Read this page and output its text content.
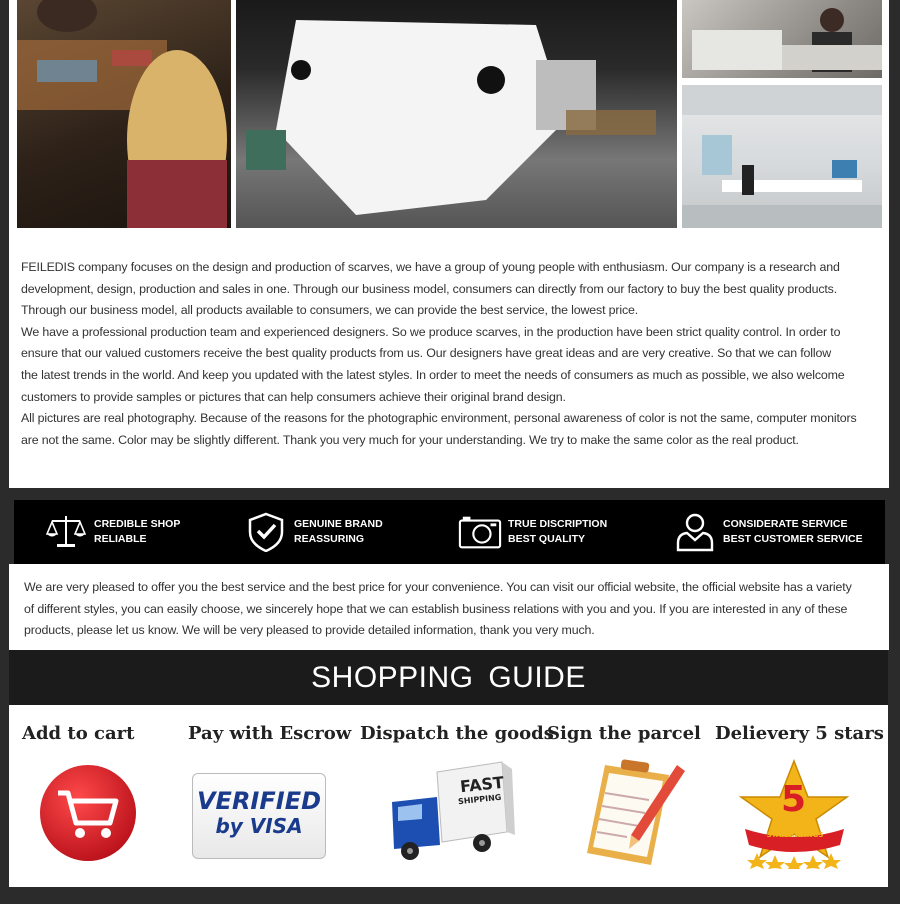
FEILEDIS company focuses on the design and production of scarves, we have a group of young people with enthusiasm. Our company is a research and

development, design, production and sales in one. Through our business model, consumers can directly from our factory to buy the best quality products.

Through our business model, all products available to consumers, we can provide the best service, the lowest price.

We have a professional production team and experienced designers. So we produce scarves, in the production have been strict quality control. In order to

ensure that our valued customers receive the best quality products from us. Our designers have great ideas and are very creative. So that we can follow

the latest trends in the world. And keep you updated with the latest styles. In order to meet the needs of consumers as much as possible, we also welcome

customers to provide samples or pictures that can help consumers achieve their original brand design.

All pictures are real photography. Because of the reasons for the photographic environment, personal awareness of color is not the same, computer monitors

are not the same. Color may be slightly different. Thank you very much for your understanding. We try to make the same color as the real product.

CREDIBLE SHOP
RELIABLE
GENUINE BRAND
REASSURING
TRUE DISCRIPTION
BEST QUALITY
CONSIDERATE SERVICE
BEST CUSTOMER SERVICE

We are very pleased to offer you the best service and the best price for your convenience. You can visit our official website, the official website has a variety

of different styles, you can easily choose, we sincerely hope that we can establish business relations with you and you. If you are interested in any of these

products, please let us know. We will be very pleased to provide detailed information, thank you very much.

SHOPPING GUIDE
Add to cart	Pay with Escrow
VERIFIED
by VISA
Dispatch the goods
FAST
SHIPPING
Sign the parcel Delievery 5 stars
5
STAR RATINGS
